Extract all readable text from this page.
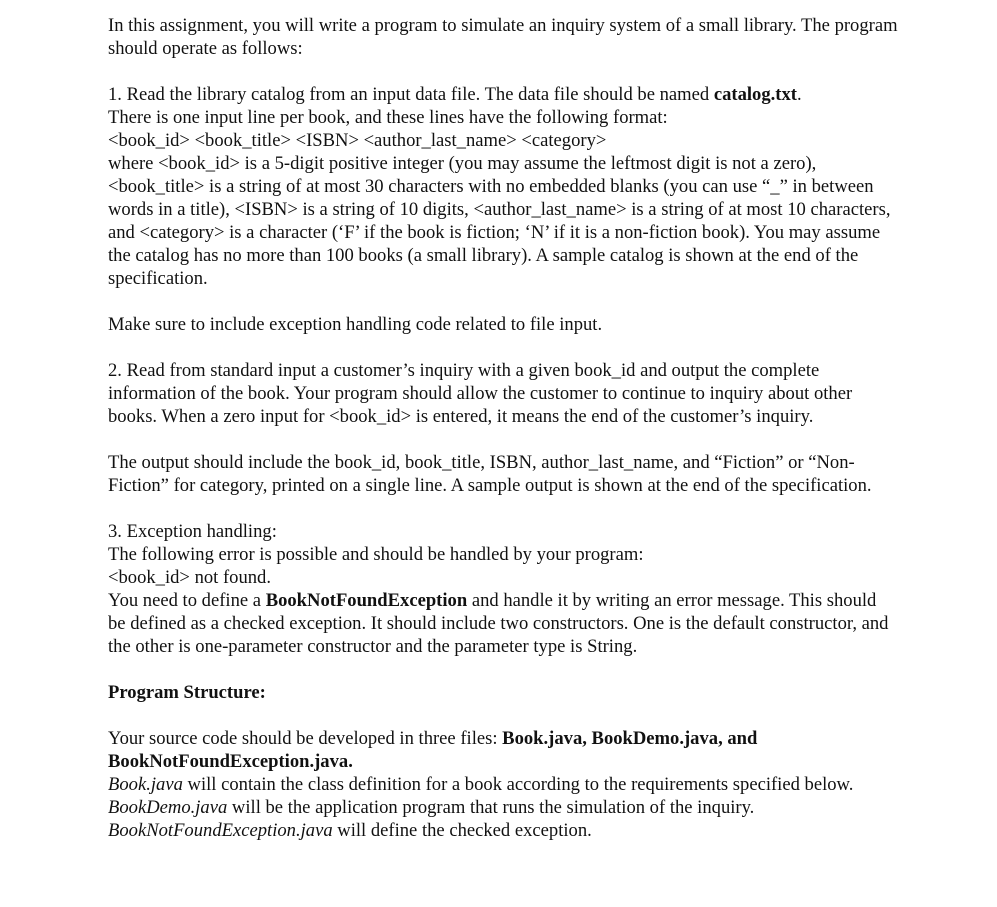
In this assignment, you will write a program to simulate an inquiry system of a small library. The program should operate as follows:

1. Read the library catalog from an input data file. The data file should be named catalog.txt.
There is one input line per book, and these lines have the following format:
<book_id> <book_title> <ISBN> <author_last_name> <category>
where <book_id> is a 5-digit positive integer (you may assume the leftmost digit is not a zero), <book_title> is a string of at most 30 characters with no embedded blanks (you can use “_” in between words in a title), <ISBN> is a string of 10 digits, <author_last_name> is a string of at most 10 characters, and <category> is a character (‘F’ if the book is fiction; ‘N’ if it is a non-fiction book). You may assume the catalog has no more than 100 books (a small library). A sample catalog is shown at the end of the specification.

Make sure to include exception handling code related to file input.

2. Read from standard input a customer’s inquiry with a given book_id and output the complete information of the book. Your program should allow the customer to continue to inquiry about other books. When a zero input for <book_id> is entered, it means the end of the customer’s inquiry.

The output should include the book_id, book_title, ISBN, author_last_name, and “Fiction” or “Non-Fiction” for category, printed on a single line. A sample output is shown at the end of the specification.

3. Exception handling:
The following error is possible and should be handled by your program:
<book_id> not found.
You need to define a BookNotFoundException and handle it by writing an error message. This should be defined as a checked exception. It should include two constructors. One is the default constructor, and the other is one-parameter constructor and the parameter type is String.

Program Structure:

Your source code should be developed in three files: Book.java, BookDemo.java, and BookNotFoundException.java.
Book.java will contain the class definition for a book according to the requirements specified below. BookDemo.java will be the application program that runs the simulation of the inquiry. BookNotFoundException.java will define the checked exception.
